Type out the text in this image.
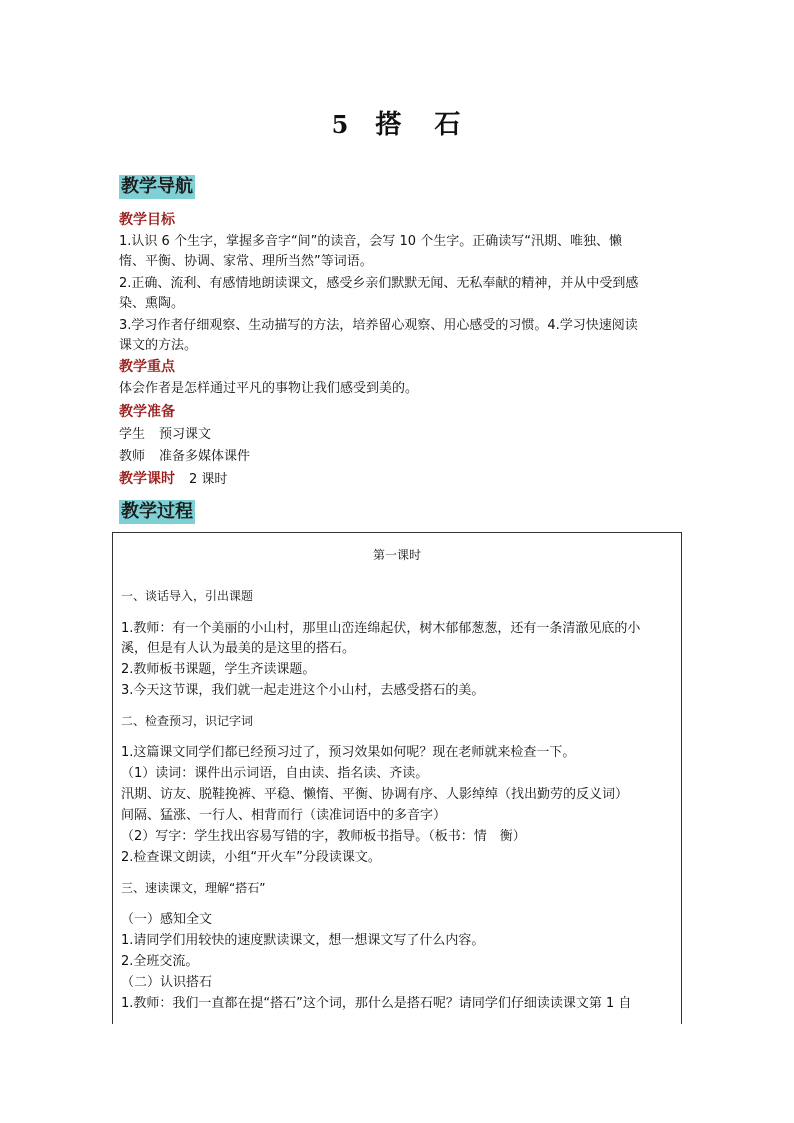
5 搭 石
教学导航
教学目标
1.认识 6 个生字，掌握多音字“间”的读音，会写 10 个生字。正确读写“汛期、唯独、懒
惰、平衡、协调、家常、理所当然”等词语。
2.正确、流利、有感情地朗读课文，感受乡亲们默默无闻、无私奉献的精神，并从中受到感
染、熏陶。
3.学习作者仔细观察、生动描写的方法，培养留心观察、用心感受的习惯。4.学习快速阅读
课文的方法。
教学重点
体会作者是怎样通过平凡的事物让我们感受到美的。
教学准备
学生 预习课文
教师 准备多媒体课件
教学课时 2 课时
教学过程
第一课时
一、谈话导入，引出课题
1.教师：有一个美丽的小山村，那里山峦连绵起伏，树木郁郁葱葱，还有一条清澈见底的小
溪，但是有人认为最美的是这里的搭石。
2.教师板书课题，学生齐读课题。
3.今天这节课，我们就一起走进这个小山村，去感受搭石的美。
二、检查预习，识记字词
1.这篇课文同学们都已经预习过了，预习效果如何呢？现在老师就来检查一下。
（1）读词：课件出示词语，自由读、指名读、齐读。
汛期、访友、脱鞋挽裤、平稳、懒惰、平衡、协调有序、人影绰绰（找出勤劳的反义词）
间隔、猛涨、一行人、相背而行（读准词语中的多音字）
（2）写字：学生找出容易写错的字，教师板书指导。（板书：情　衡）
2.检查课文朗读，小组“开火车”分段读课文。
三、速读课文，理解“搭石”
（一）感知全文
1.请同学们用较快的速度默读课文，想一想课文写了什么内容。
2.全班交流。
（二）认识搭石
1.教师：我们一直都在提“搭石”这个词，那什么是搭石呢？请同学们仔细读读课文第 1 自
